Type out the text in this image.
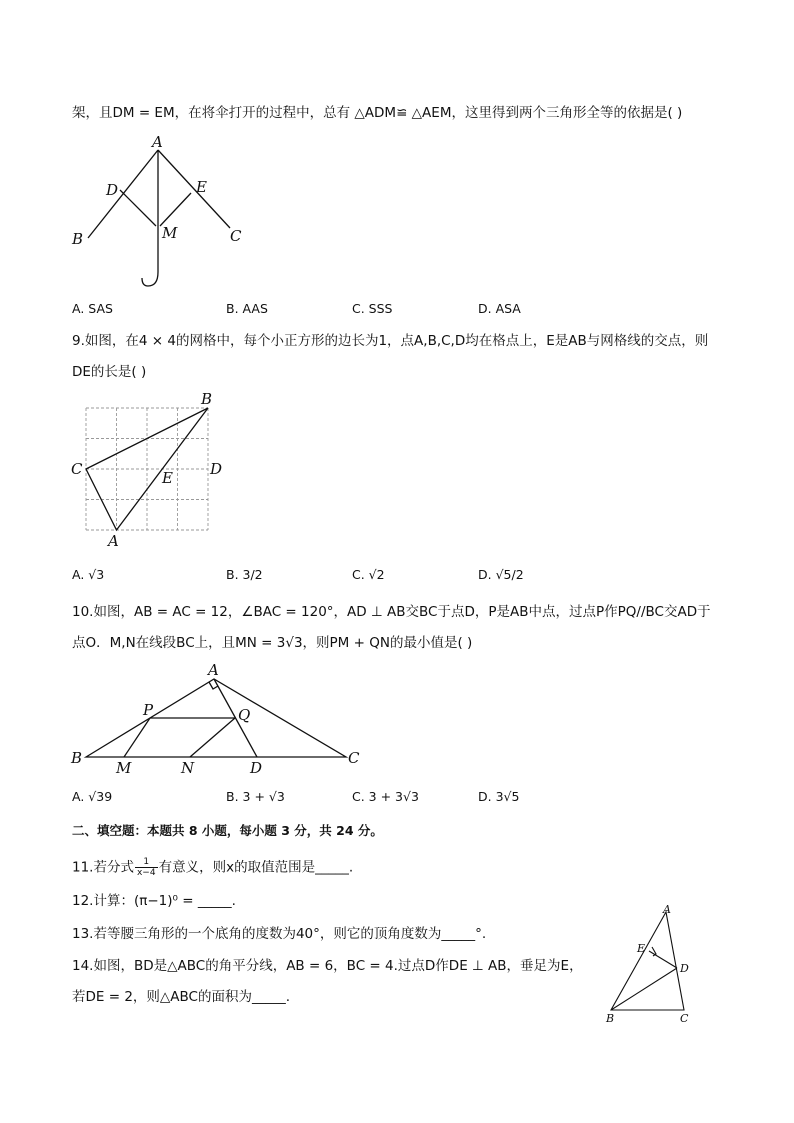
架，且DM = EM，在将伞打开的过程中，总有 △ADM≌ △AEM，这里得到两个三角形全等的依据是( )
A
D	E
M
B	C
A. SAS	B. AAS	C. SSS	D. ASA
9.如图，在4 × 4的网格中，每个小正方形的边长为1，点A,B,C,D均在格点上，E是AB与网格线的交点，则
DE的长是( )
B
C	D
E
A
A. √3	B. 3/2	C. √2	D. √5/2
10.如图，AB = AC = 12，∠BAC = 120°，AD ⊥ AB交BC于点D，P是AB中点，过点P作PQ//BC交AD于
点O．M,N在线段BC上，且MN = 3√3，则PM + QN的最小值是( )
A
P	Q
B
M	N	D
C
A. √39	B. 3 + √3	C. 3 + 3√3	D. 3√5
二、填空题：本题共 8 小题，每小题 3 分，共 24 分。
11.若分式 $\frac{1}{x-4}$ 有意义，则x的取值范围是_____.
12.计算：(π−1)⁰ = _____.
13.若等腰三角形的一个底角的度数为40°，则它的顶角度数为_____°.
14.如图，BD是△ABC的角平分线，AB = 6，BC = 4.过点D作DE ⊥ AB，垂足为E，
若DE = 2，则△ABC的面积为_____.
A
E
D
B	C
